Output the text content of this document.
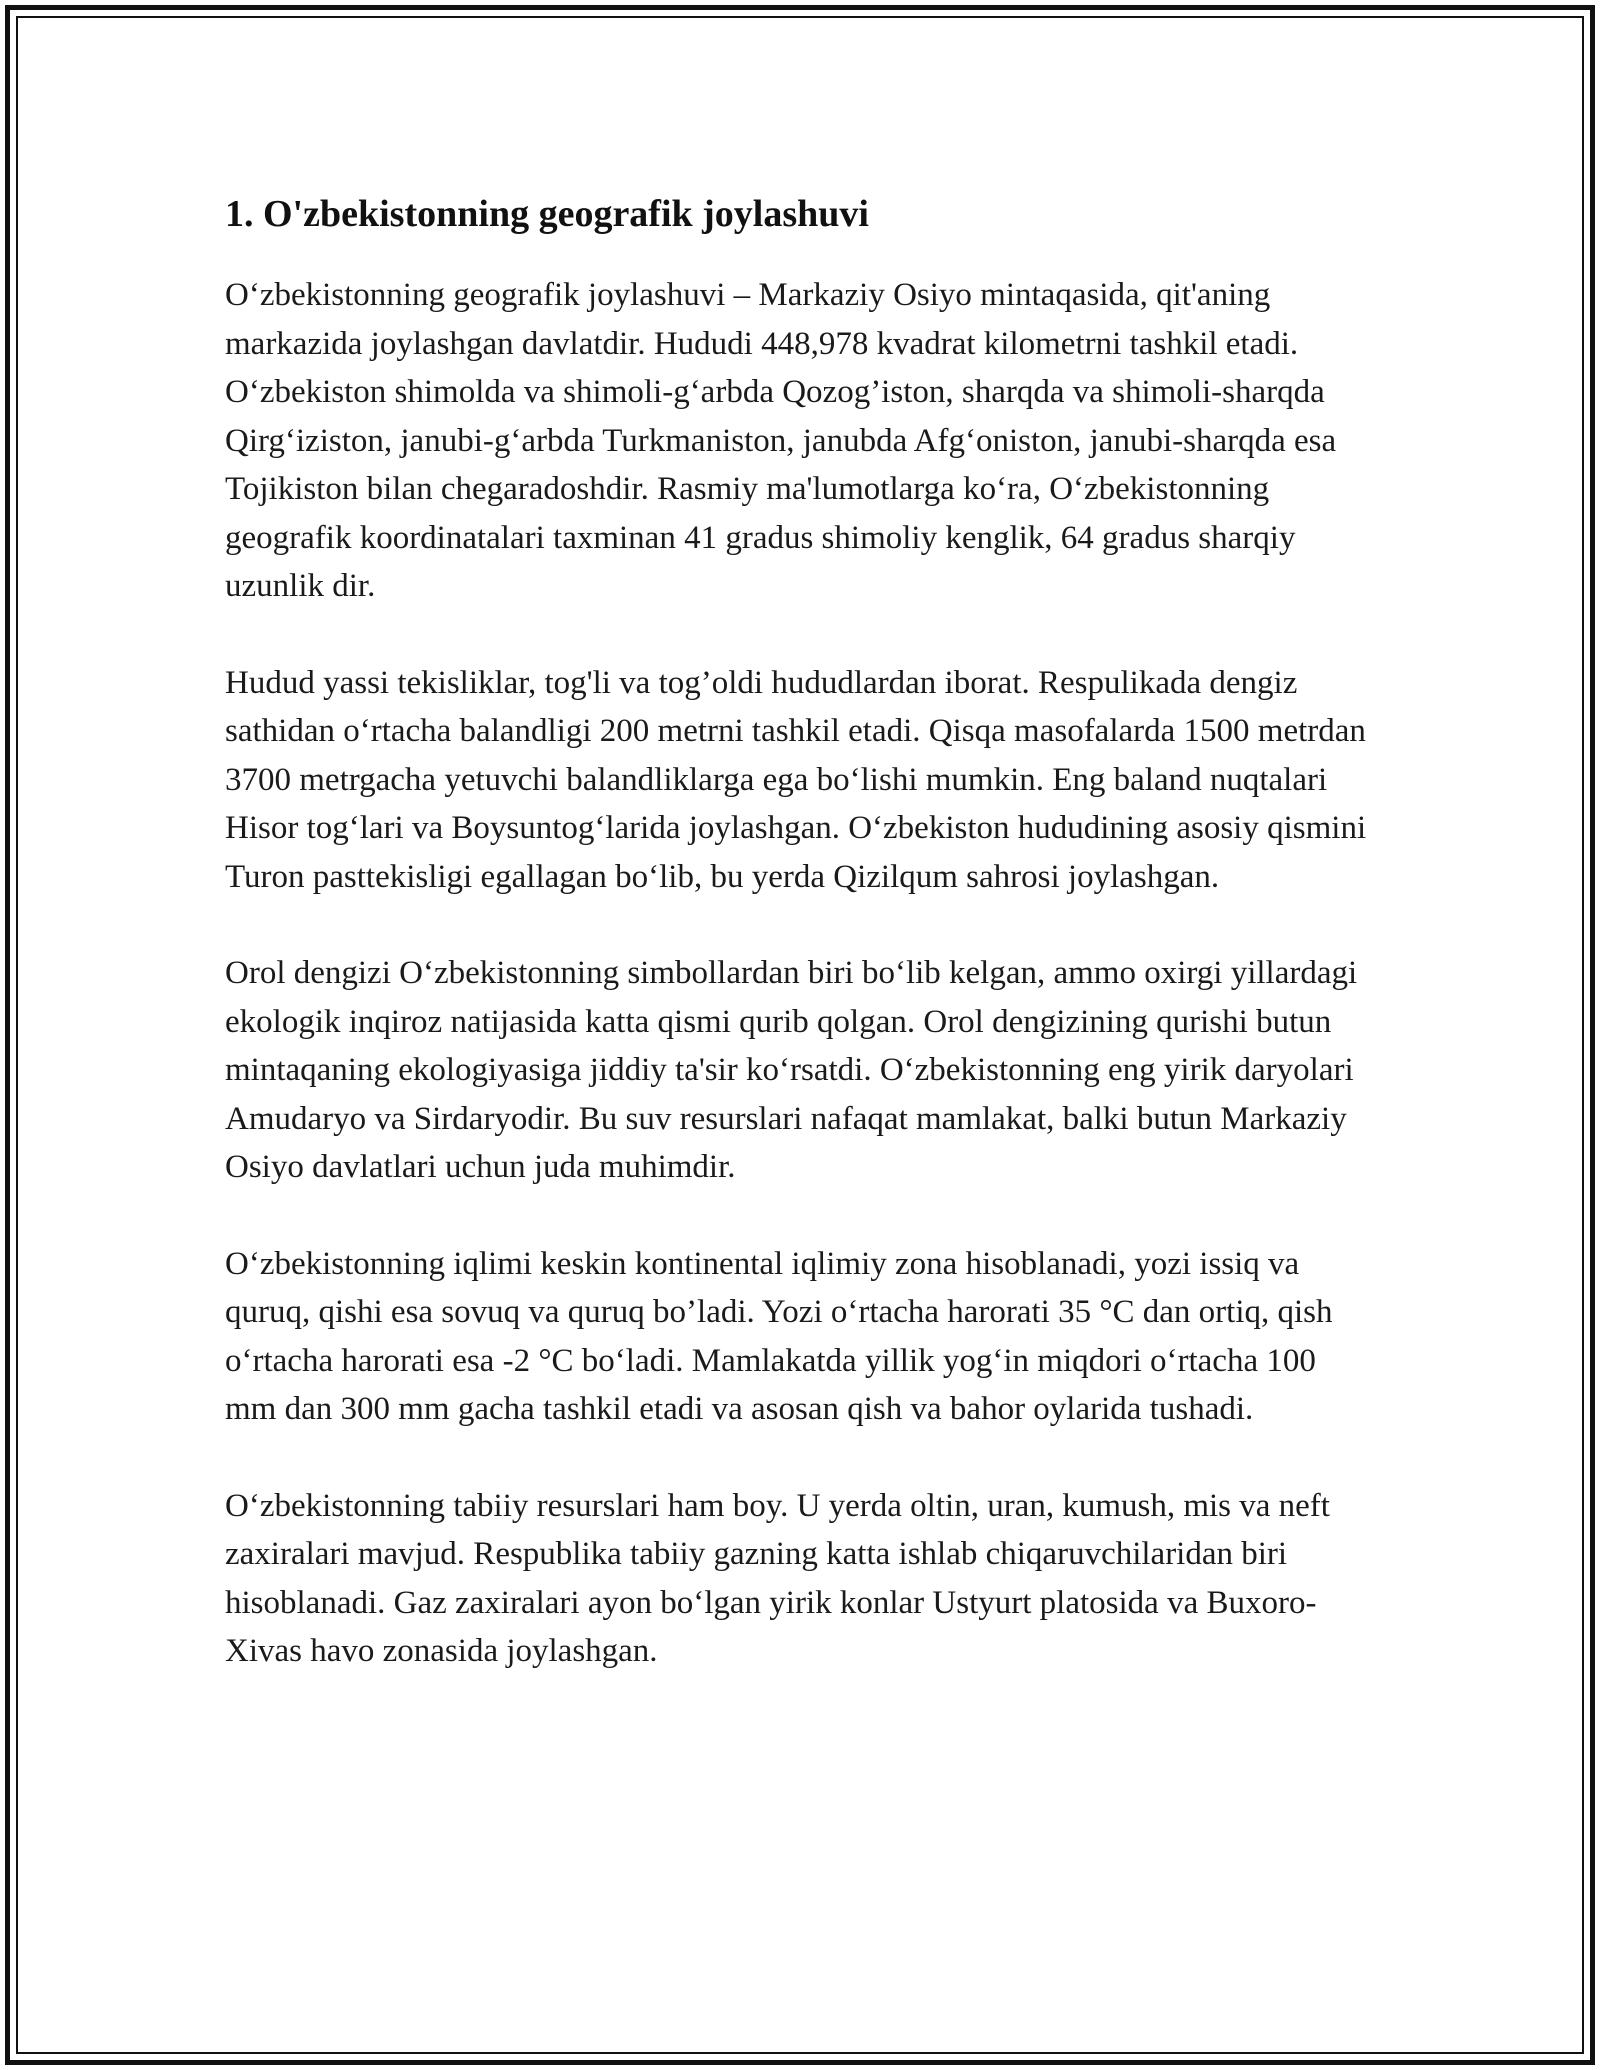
1. O'zbekistonning geografik joylashuvi

O‘zbekistonning geografik joylashuvi – Markaziy Osiyo mintaqasida, qit'aning markazida joylashgan davlatdir. Hududi 448,978 kvadrat kilometrni tashkil etadi. O‘zbekiston shimolda va shimoli-g‘arbda Qozog’iston, sharqda va shimoli-sharqda Qirg‘iziston, janubi-g‘arbda Turkmaniston, janubda Afg‘oniston, janubi-sharqda esa Tojikiston bilan chegaradoshdir. Rasmiy ma'lumotlarga ko‘ra, O‘zbekistonning geografik koordinatalari taxminan 41 gradus shimoliy kenglik, 64 gradus sharqiy uzunlik dir.

Hudud yassi tekisliklar, tog'li va tog’oldi hududlardan iborat. Respulikada dengiz sathidan o‘rtacha balandligi 200 metrni tashkil etadi. Qisqa masofalarda 1500 metrdan 3700 metrgacha yetuvchi balandliklarga ega bo‘lishi mumkin. Eng baland nuqtalari Hisor tog‘lari va Boysuntog‘larida joylashgan. O‘zbekiston hududining asosiy qismini Turon pasttekisligi egallagan bo‘lib, bu yerda Qizilqum sahrosi joylashgan.

Orol dengizi O‘zbekistonning simbollardan biri bo‘lib kelgan, ammo oxirgi yillardagi ekologik inqiroz natijasida katta qismi qurib qolgan. Orol dengizining qurishi butun mintaqaning ekologiyasiga jiddiy ta'sir ko‘rsatdi. O‘zbekistonning eng yirik daryolari Amudaryo va Sirdaryodir. Bu suv resurslari nafaqat mamlakat, balki butun Markaziy Osiyo davlatlari uchun juda muhimdir.

O‘zbekistonning iqlimi keskin kontinental iqlimiy zona hisoblanadi, yozi issiq va quruq, qishi esa sovuq va quruq bo’ladi. Yozi o‘rtacha harorati 35 °C dan ortiq, qish o‘rtacha harorati esa -2 °C bo‘ladi. Mamlakatda yillik yog‘in miqdori o‘rtacha 100 mm dan 300 mm gacha tashkil etadi va asosan qish va bahor oylarida tushadi.

O‘zbekistonning tabiiy resurslari ham boy. U yerda oltin, uran, kumush, mis va neft zaxiralari mavjud. Respublika tabiiy gazning katta ishlab chiqaruvchilaridan biri hisoblanadi. Gaz zaxiralari ayon bo‘lgan yirik konlar Ustyurt platosida va Buxoro-Xivas havo zonasida joylashgan.
